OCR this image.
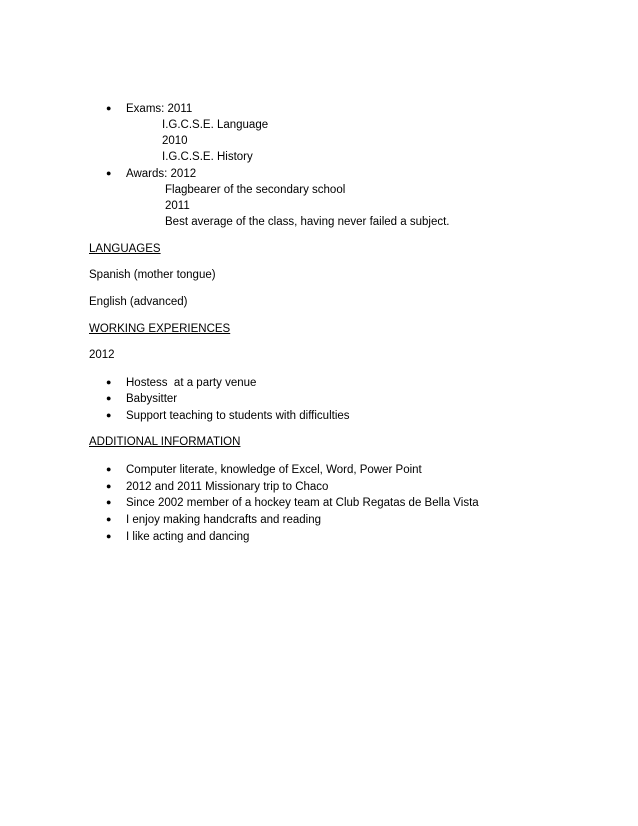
● Exams: 2011
I.G.C.S.E. Language
2010
I.G.C.S.E. History
● Awards: 2012
Flagbearer of the secondary school
2011
Best average of the class, having never failed a subject.
LANGUAGES
Spanish (mother tongue)
English (advanced)
WORKING EXPERIENCES
2012
● Hostess  at a party venue
● Babysitter
● Support teaching to students with difficulties
ADDITIONAL INFORMATION
● Computer literate, knowledge of Excel, Word, Power Point
● 2012 and 2011 Missionary trip to Chaco
● Since 2002 member of a hockey team at Club Regatas de Bella Vista
● I enjoy making handcrafts and reading
● I like acting and dancing
